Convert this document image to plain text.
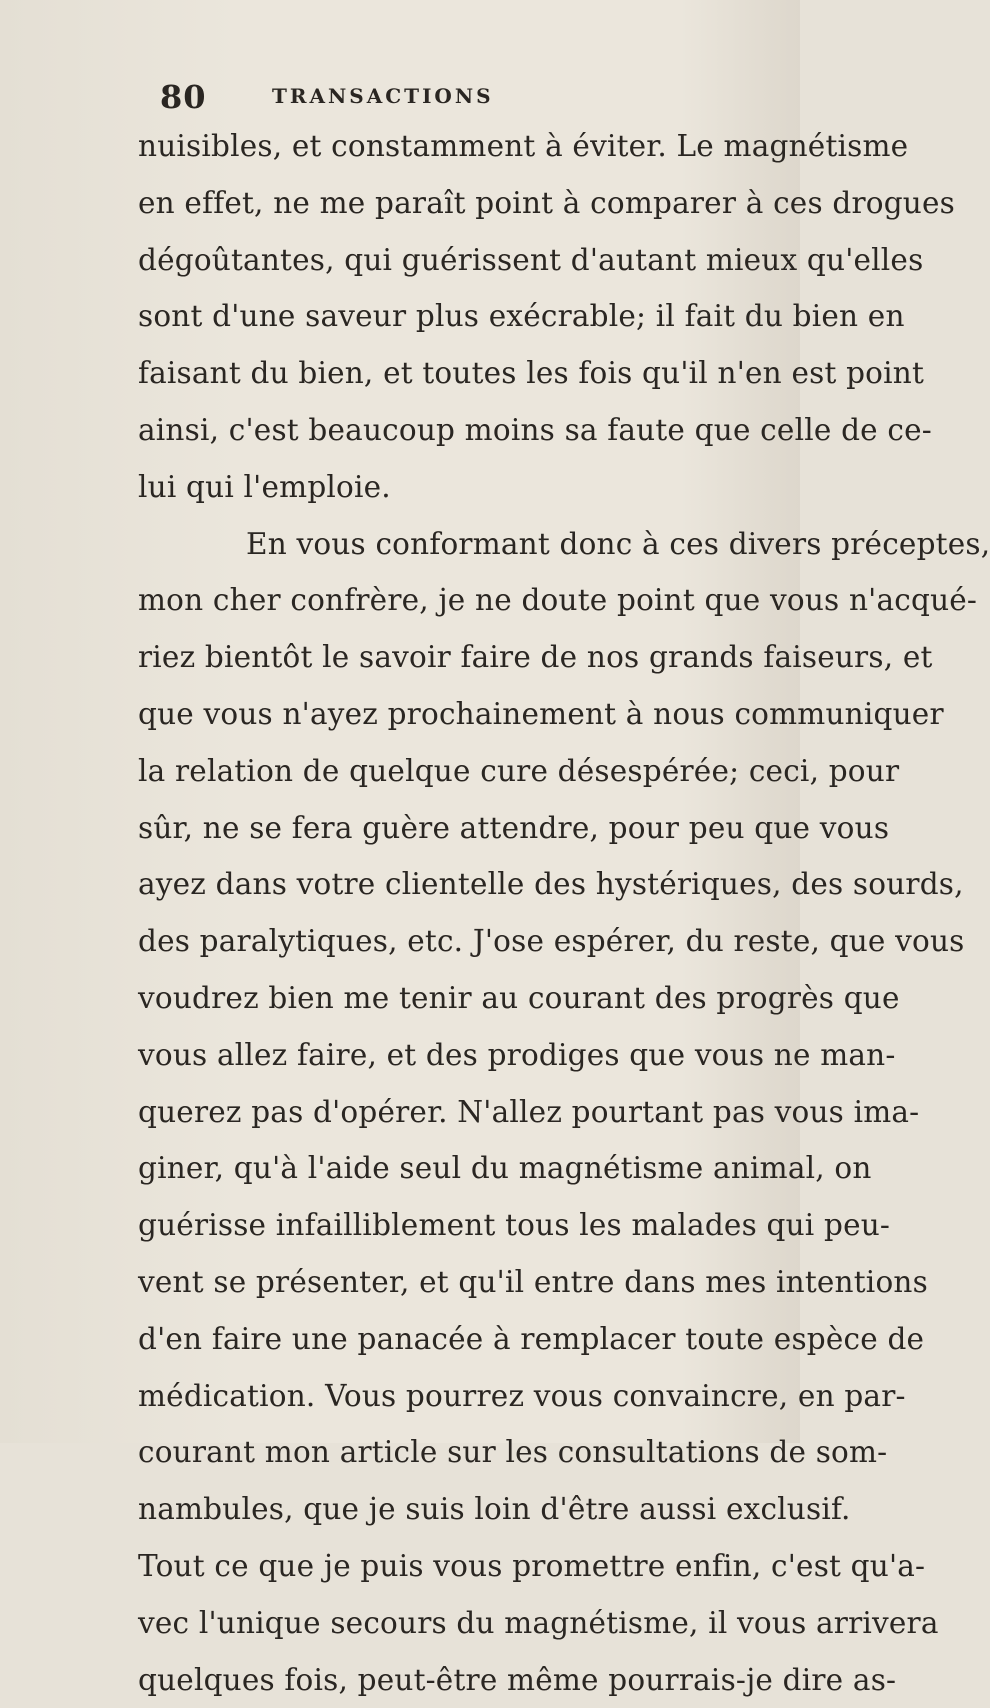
80	TRANSACTIONS
nuisibles, et constamment à éviter. Le magnétisme
en effet, ne me paraît point à comparer à ces drogues
dégoûtantes, qui guérissent d'autant mieux qu'elles
sont d'une saveur plus exécrable; il fait du bien en
faisant du bien, et toutes les fois qu'il n'en est point
ainsi, c'est beaucoup moins sa faute que celle de ce-
lui qui l'emploie.
En vous conformant donc à ces divers préceptes,
mon cher confrère, je ne doute point que vous n'acqué-
riez bientôt le savoir faire de nos grands faiseurs, et
que vous n'ayez prochainement à nous communiquer
la relation de quelque cure désespérée; ceci, pour
sûr, ne se fera guère attendre, pour peu que vous
ayez dans votre clientelle des hystériques, des sourds,
des paralytiques, etc. J'ose espérer, du reste, que vous
voudrez bien me tenir au courant des progrès que
vous allez faire, et des prodiges que vous ne man-
querez pas d'opérer. N'allez pourtant pas vous ima-
giner, qu'à l'aide seul du magnétisme animal, on
guérisse infailliblement tous les malades qui peu-
vent se présenter, et qu'il entre dans mes intentions
d'en faire une panacée à remplacer toute espèce de
médication. Vous pourrez vous convaincre, en par-
courant mon article sur les consultations de som-
nambules, que je suis loin d'être aussi exclusif.
Tout ce que je puis vous promettre enfin, c'est qu'a-
vec l'unique secours du magnétisme, il vous arrivera
quelques fois, peut-être même pourrais-je dire as-
